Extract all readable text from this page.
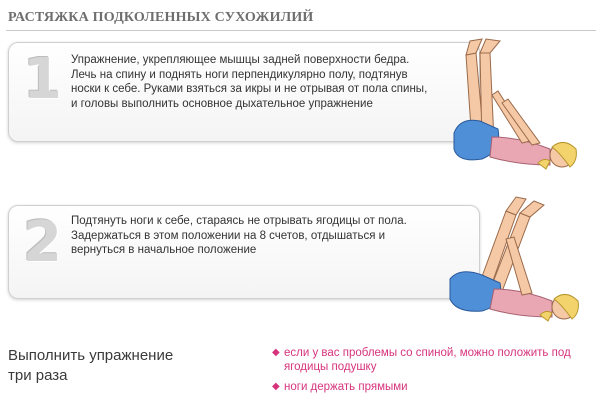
РАСТЯЖКА ПОДКОЛЕННЫХ СУХОЖИЛИЙ
1 Упражнение, укрепляющее мышцы задней поверхности бедра. Лечь на спину и поднять ноги перпендикулярно полу, подтянув носки к себе. Руками взяться за икры и не отрывая от пола спины, и головы выполнить основное дыхательное упражнение
2 Подтянуть ноги к себе, стараясь не отрывать ягодицы от пола. Задержаться в этом положении на 8 счетов, отдышаться и вернуться в начальное положение
Выполнить упражнение
три раза
◆ если у вас проблемы со спиной, можно положить под ягодицы подушку
◆ ноги держать прямыми
